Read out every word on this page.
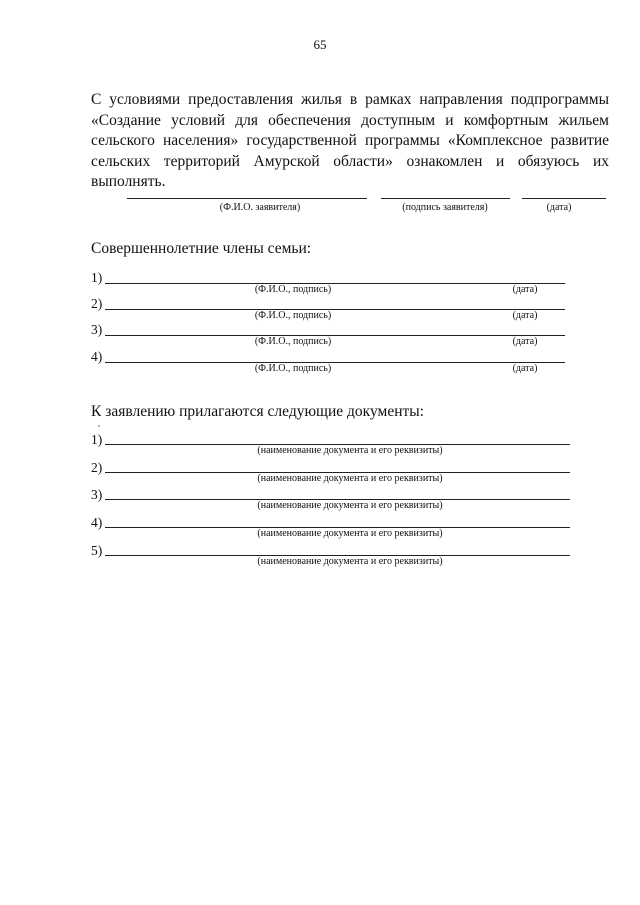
65
С условиями предоставления жилья в рамках направления подпрограммы «Создание условий для обеспечения доступным и комфортным жильем сельского населения» государственной программы «Комплексное развитие сельских территорий Амурской области» ознакомлен и обязуюсь их выполнять.
(Ф.И.О. заявителя)	(подпись заявителя)	(дата)
Совершеннолетние члены семьи:
1)
(Ф.И.О., подпись)	(дата)
2)
(Ф.И.О., подпись)	(дата)
3)
(Ф.И.О., подпись)	(дата)
4)
(Ф.И.О., подпись)	(дата)
К заявлению прилагаются следующие документы:
1)
(наименование документа и его реквизиты)
2)
(наименование документа и его реквизиты)
3)
(наименование документа и его реквизиты)
4)
(наименование документа и его реквизиты)
5)
(наименование документа и его реквизиты)
